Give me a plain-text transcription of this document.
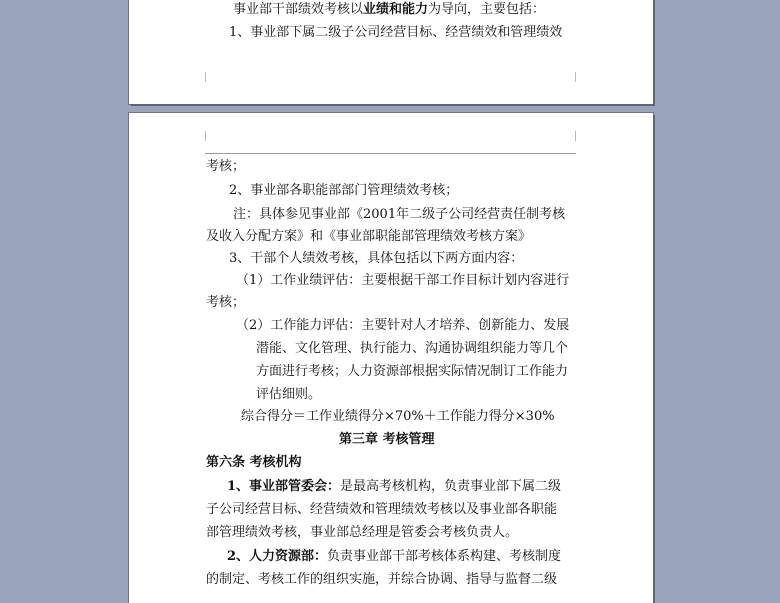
事业部干部绩效考核以业绩和能力为导向，主要包括：
1、事业部下属二级子公司经营目标、经营绩效和管理绩效
考核；
2、事业部各职能部部门管理绩效考核；
注：具体参见事业部《2001年二级子公司经营责任制考核
及收入分配方案》和《事业部职能部管理绩效考核方案》
3、干部个人绩效考核，具体包括以下两方面内容：
（1）工作业绩评估：主要根据干部工作目标计划内容进行
考核；
（2）工作能力评估：主要针对人才培养、创新能力、发展
潜能、文化管理、执行能力、沟通协调组织能力等几个
方面进行考核；人力资源部根据实际情况制订工作能力
评估细则。
综合得分＝工作业绩得分×70%＋工作能力得分×30%
第三章 考核管理
第六条 考核机构
1、事业部管委会：是最高考核机构，负责事业部下属二级
子公司经营目标、经营绩效和管理绩效考核以及事业部各职能
部管理绩效考核，事业部总经理是管委会考核负责人。
2、人力资源部：负责事业部干部考核体系构建、考核制度
的制定、考核工作的组织实施，并综合协调、指导与监督二级
